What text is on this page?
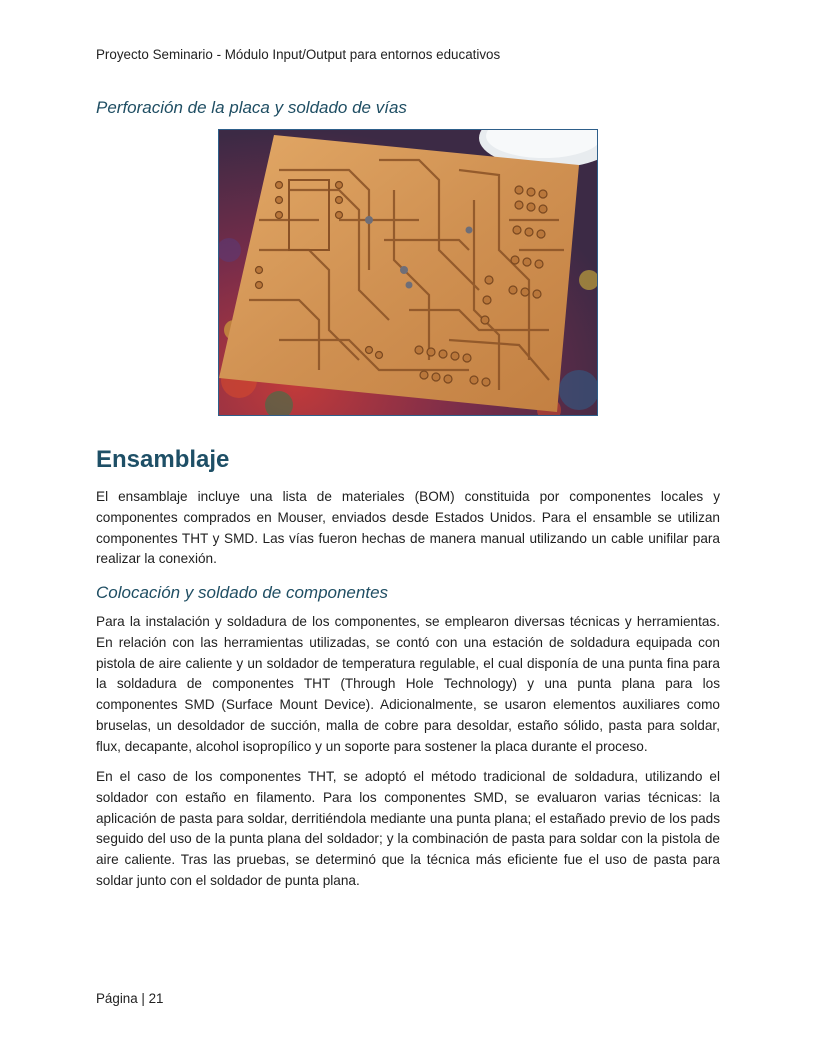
Proyecto Seminario - Módulo Input/Output para entornos educativos
Perforación de la placa y soldado de vías
Ensamblaje

El ensamblaje incluye una lista de materiales (BOM) constituida por componentes locales y componentes comprados en Mouser, enviados desde Estados Unidos. Para el ensamble se utilizan componentes THT y SMD. Las vías fueron hechas de manera manual utilizando un cable unifilar para realizar la conexión.

Colocación y soldado de componentes

Para la instalación y soldadura de los componentes, se emplearon diversas técnicas y herramientas. En relación con las herramientas utilizadas, se contó con una estación de soldadura equipada con pistola de aire caliente y un soldador de temperatura regulable, el cual disponía de una punta fina para la soldadura de componentes THT (Through Hole Technology) y una punta plana para los componentes SMD (Surface Mount Device). Adicionalmente, se usaron elementos auxiliares como bruselas, un desoldador de succión, malla de cobre para desoldar, estaño sólido, pasta para soldar, flux, decapante, alcohol isopropílico y un soporte para sostener la placa durante el proceso.

En el caso de los componentes THT, se adoptó el método tradicional de soldadura, utilizando el soldador con estaño en filamento. Para los componentes SMD, se evaluaron varias técnicas: la aplicación de pasta para soldar, derritiéndola mediante una punta plana; el estañado previo de los pads seguido del uso de la punta plana del soldador; y la combinación de pasta para soldar con la pistola de aire caliente. Tras las pruebas, se determinó que la técnica más eficiente fue el uso de pasta para soldar junto con el soldador de punta plana.

Página | 21
